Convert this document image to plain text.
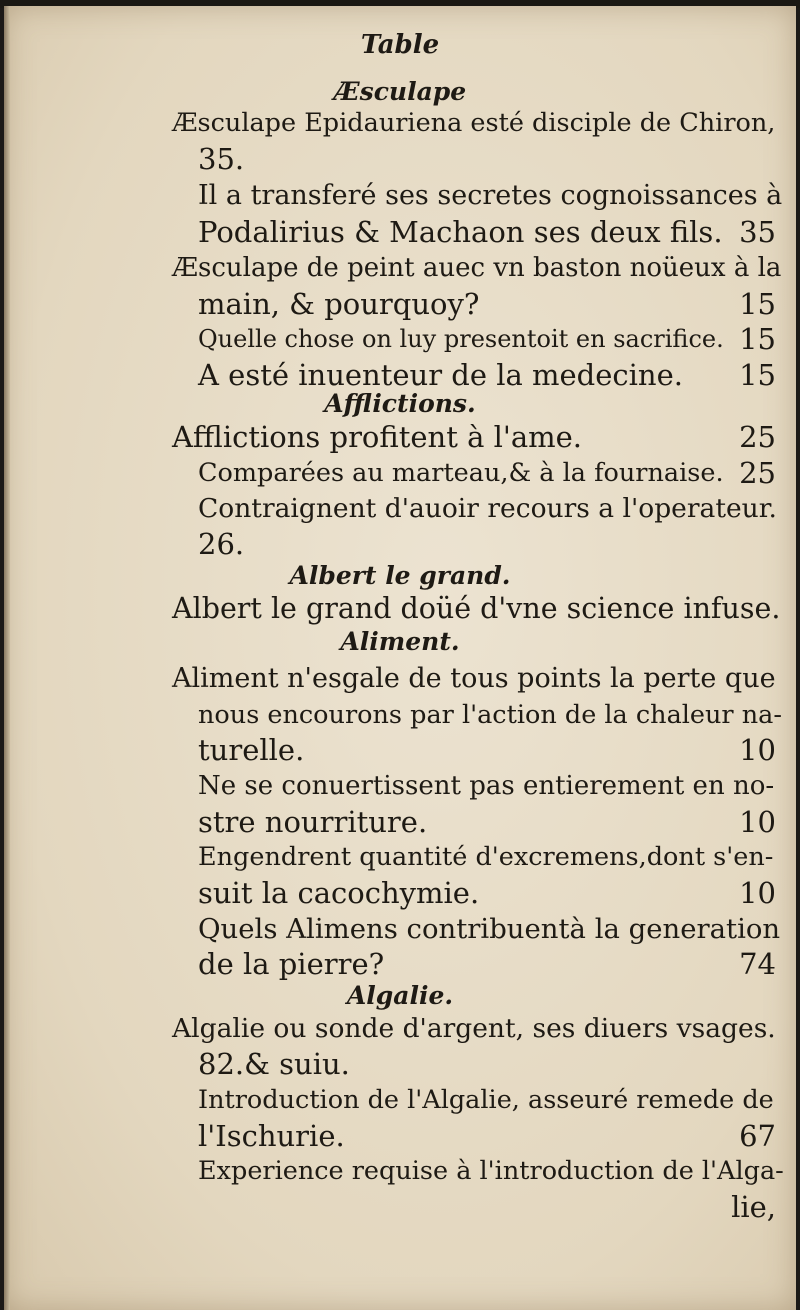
Table
Æsculape
Æsculape Epidauriena esté disciple de Chiron,
35.
Il a transferé ses secretes cognoissances à
Podalirius & Machaon ses deux fils. 35
Æsculape de peint auec vn baston noüeux à la
main, & pourquoy?	15
Quelle chose on luy presentoit en sacrifice. 15
A esté inuenteur de la medecine. 15
Afflictions.
Afflictions profitent à l'ame.	25
Comparées au marteau,& à la fournaise. 25
Contraignent d'auoir recours a l'operateur.
26.
Albert le grand.
Albert le grand doüé d'vne science infuse.
Aliment.
Aliment n'esgale de tous points la perte que
nous encourons par l'action de la chaleur na-
turelle.	10
Ne se conuertissent pas entierement en no-
stre nourriture.	10
Engendrent quantité d'excremens,dont s'en-
suit la cacochymie.	10
Quels Alimens contribuentà la generation
de la pierre?	74
Algalie.
Algalie ou sonde d'argent, ses diuers vsages.
82.& suiu.
Introduction de l'Algalie, asseuré remede de
l'Ischurie.	67
Experience requise à l'introduction de l'Alga-
lie,
